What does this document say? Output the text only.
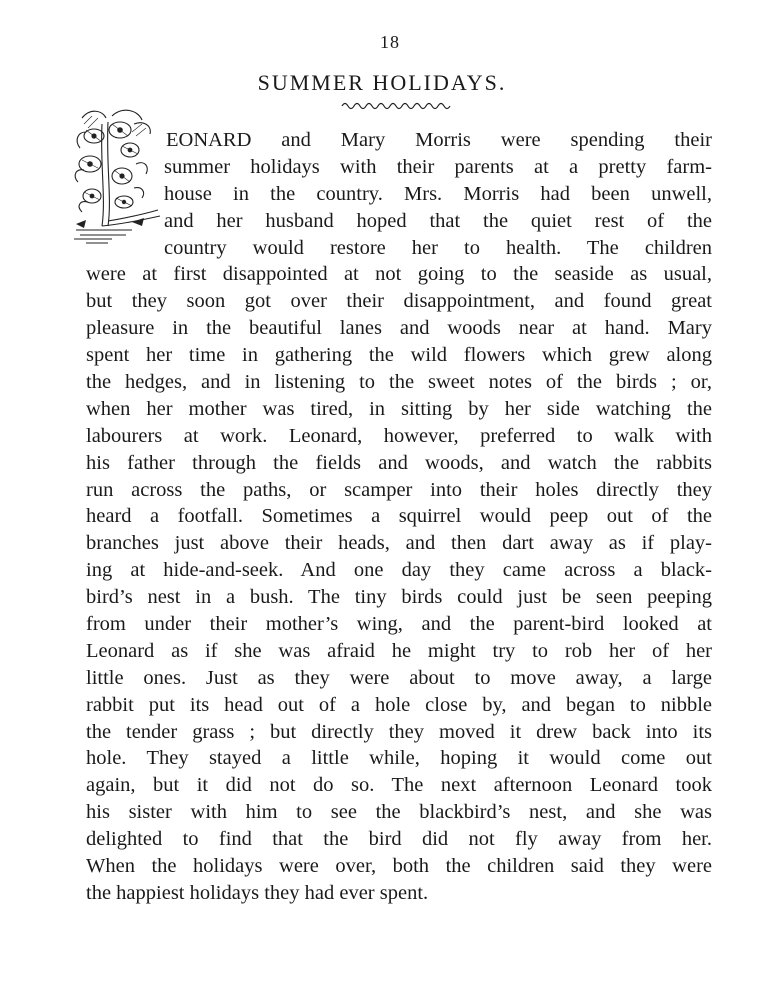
18
SUMMER HOLIDAYS.
EONARD and Mary Morris were spending their
summer holidays with their parents at a pretty farm-
house in the country. Mrs. Morris had been unwell,
and her husband hoped that the quiet rest of the
country would restore her to health. The children
were at first disappointed at not going to the seaside as usual,
but they soon got over their disappointment, and found great
pleasure in the beautiful lanes and woods near at hand. Mary
spent her time in gathering the wild flowers which grew along
the hedges, and in listening to the sweet notes of the birds ; or,
when her mother was tired, in sitting by her side watching the
labourers at work. Leonard, however, preferred to walk with
his father through the fields and woods, and watch the rabbits
run across the paths, or scamper into their holes directly they
heard a footfall. Sometimes a squirrel would peep out of the
branches just above their heads, and then dart away as if play-
ing at hide-and-seek. And one day they came across a black-
bird’s nest in a bush. The tiny birds could just be seen peeping
from under their mother’s wing, and the parent-bird looked at
Leonard as if she was afraid he might try to rob her of her
little ones. Just as they were about to move away, a large
rabbit put its head out of a hole close by, and began to nibble
the tender grass ; but directly they moved it drew back into its
hole. They stayed a little while, hoping it would come out
again, but it did not do so. The next afternoon Leonard took
his sister with him to see the blackbird’s nest, and she was
delighted to find that the bird did not fly away from her.
When the holidays were over, both the children said they were
the happiest holidays they had ever spent.
